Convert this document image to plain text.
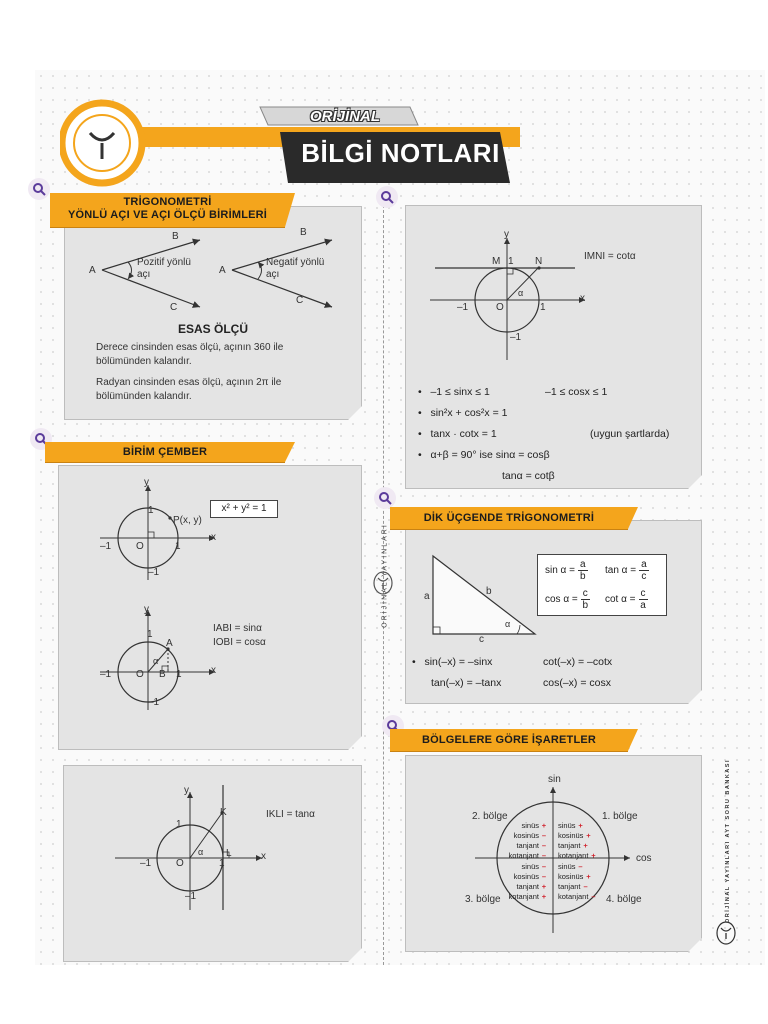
ORİJİNAL
BİLGİ NOTLARI
TRİGONOMETRİ
YÖNLÜ AÇI VE AÇI ÖLÇÜ BİRİMLERİ
A
B
C
Pozitif yönlü
açı	A
B
C
Negatif yönlü
açı
ESAS ÖLÇÜ
Derece cinsinden esas ölçü, açının 360 ile
bölümünden kalandır.
Radyan cinsinden esas ölçü, açının 2π ile
bölümünden kalandır.
BİRİM ÇEMBER
y
x
O
1
1
–1
–1
P(x, y)
x² + y² = 1
y
x
O
1
1
–1
–1
A
B
α
IABI = sinα
IOBI = cosα
y
x
O
1
1
–1
–1
K
L
α
IKLI = tanα
y
x
O
1
1
–1
–1
M	N
α
IMNI = cotα
•   –1 ≤ sinx ≤ 1	–1 ≤ cosx ≤ 1
•   sin²x + cos²x = 1
•   tanx · cotx = 1	(uygun şartlarda)
•   α+β = 90° ise sinα = cosβ
tanα = cotβ
DİK ÜÇGENDE TRİGONOMETRİ
a	b
c
α
$\sin \alpha = \frac{a}{b}$ $\tan \alpha = \frac{a}{c}$
$\cos \alpha = \frac{c}{b}$ $\cot \alpha = \frac{c}{a}$
•   sin(–x) = –sinx	cot(–x) = –cotx
tan(–x) = –tanx	cos(–x) = cosx
BÖLGELERE GÖRE İŞARETLER
sin
cos
1. bölge
2. bölge
3. bölge	4. bölge
sinüs +
kosinüs –
tanjant –
kotanjant –
sinüs +
kosinüs +
tanjant +
kotanjant +
sinüs –
kosinüs –
tanjant +
kotanjant +
sinüs –
kosinüs +
tanjant –
kotanjant –
ORİJİNAL YAYINLARI
ORİJİNAL YAYINLARI AYT SORU BANKASI
